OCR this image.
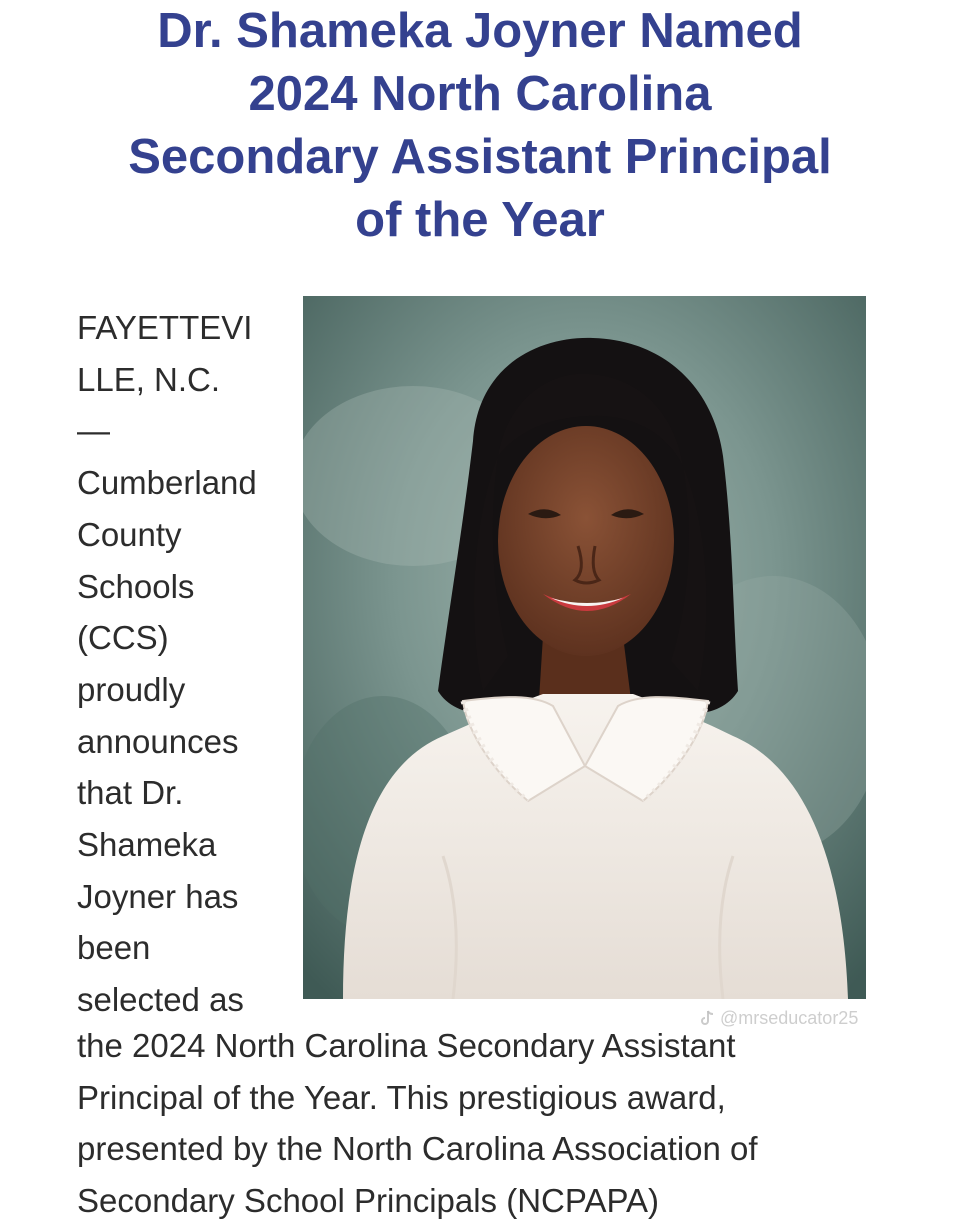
Dr. Shameka Joyner Named
2024 North Carolina
Secondary Assistant Principal
of the Year
FAYETTEVI
LLE, N.C.
—
Cumberland
County
Schools
(CCS)
proudly
announces
that Dr.
Shameka
Joyner has
been
selected as	@mrseducator25
the 2024 North Carolina Secondary Assistant
Principal of the Year. This prestigious award,
presented by the North Carolina Association of
Secondary School Principals (NCPAPA)
